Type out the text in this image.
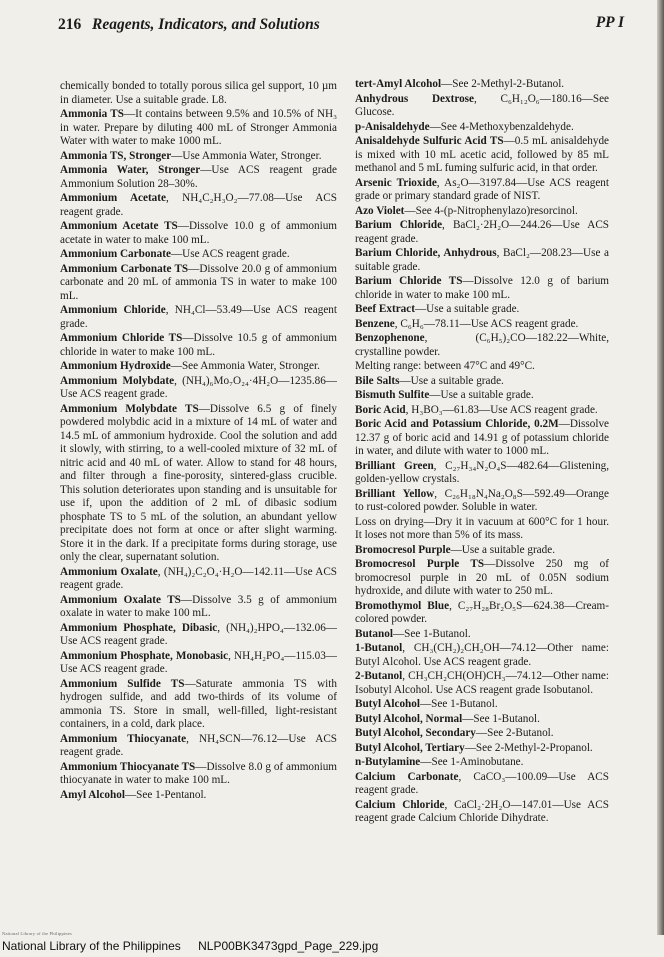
216 Reagents, Indicators, and Solutions	PP I
chemically bonded to totally porous silica gel support, 10 µm in diameter. Use a suitable grade. L8.
Ammonia TS—It contains between 9.5% and 10.5% of NH₃ in water. Prepare by diluting 400 mL of Stronger Ammonia Water with water to make 1000 mL.
Ammonia TS, Stronger—Use Ammonia Water, Stronger.
Ammonia Water, Stronger—Use ACS reagent grade Ammonium Solution 28–30%.
Ammonium Acetate, NH₄C₂H₃O₂—77.08—Use ACS reagent grade.
Ammonium Acetate TS—Dissolve 10.0 g of ammonium acetate in water to make 100 mL.
Ammonium Carbonate—Use ACS reagent grade.
Ammonium Carbonate TS—Dissolve 20.0 g of ammonium carbonate and 20 mL of ammonia TS in water to make 100 mL.
Ammonium Chloride, NH₄Cl—53.49—Use ACS reagent grade.
Ammonium Chloride TS—Dissolve 10.5 g of ammonium chloride in water to make 100 mL.
Ammonium Hydroxide—See Ammonia Water, Stronger.
Ammonium Molybdate, (NH₄)₆Mo₇O₂₄·4H₂O—1235.86—Use ACS reagent grade.
Ammonium Molybdate TS—Dissolve 6.5 g of finely powdered molybdic acid in a mixture of 14 mL of water and 14.5 mL of ammonium hydroxide. Cool the solution and add it slowly, with stirring, to a well-cooled mixture of 32 mL of nitric acid and 40 mL of water. Allow to stand for 48 hours, and filter through a fine-porosity, sintered-glass crucible. This solution deteriorates upon standing and is unsuitable for use if, upon the addition of 2 mL of dibasic sodium phosphate TS to 5 mL of the solution, an abundant yellow precipitate does not form at once or after slight warming. Store it in the dark. If a precipitate forms during storage, use only the clear, supernatant solution.
Ammonium Oxalate, (NH₄)₂C₂O₄·H₂O—142.11—Use ACS reagent grade.
Ammonium Oxalate TS—Dissolve 3.5 g of ammonium oxalate in water to make 100 mL.
Ammonium Phosphate, Dibasic, (NH₄)₂HPO₄—132.06—Use ACS reagent grade.
Ammonium Phosphate, Monobasic, NH₄H₂PO₄—115.03—Use ACS reagent grade.
Ammonium Sulfide TS—Saturate ammonia TS with hydrogen sulfide, and add two-thirds of its volume of ammonia TS. Store in small, well-filled, light-resistant containers, in a cold, dark place.
Ammonium Thiocyanate, NH₄SCN—76.12—Use ACS reagent grade.
Ammonium Thiocyanate TS—Dissolve 8.0 g of ammonium thiocyanate in water to make 100 mL.
Amyl Alcohol—See 1-Pentanol.
tert-Amyl Alcohol—See 2-Methyl-2-Butanol.
Anhydrous Dextrose, C₆H₁₂O₆—180.16—See Glucose.
p-Anisaldehyde—See 4-Methoxybenzaldehyde.
Anisaldehyde Sulfuric Acid TS—0.5 mL anisaldehyde is mixed with 10 mL acetic acid, followed by 85 mL methanol and 5 mL fuming sulfuric acid, in that order.
Arsenic Trioxide, As₂O—3197.84—Use ACS reagent grade or primary standard grade of NIST.
Azo Violet—See 4-(p-Nitrophenylazo)resorcinol.
Barium Chloride, BaCl₂·2H₂O—244.26—Use ACS reagent grade.
Barium Chloride, Anhydrous, BaCl₂—208.23—Use a suitable grade.
Barium Chloride TS—Dissolve 12.0 g of barium chloride in water to make 100 mL.
Beef Extract—Use a suitable grade.
Benzene, C₆H₆—78.11—Use ACS reagent grade.
Benzophenone, (C₆H₅)₂CO—182.22—White, crystalline powder.
Melting range: between 47°C and 49°C.
Bile Salts—Use a suitable grade.
Bismuth Sulfite—Use a suitable grade.
Boric Acid, H₃BO₃—61.83—Use ACS reagent grade.
Boric Acid and Potassium Chloride, 0.2M—Dissolve 12.37 g of boric acid and 14.91 g of potassium chloride in water, and dilute with water to 1000 mL.
Brilliant Green, C₂₇H₃₄N₂O₄S—482.64—Glistening, golden-yellow crystals.
Brilliant Yellow, C₂₆H₁₈N₄Na₂O₈S—592.49—Orange to rust-colored powder. Soluble in water.
Loss on drying—Dry it in vacuum at 600°C for 1 hour. It loses not more than 5% of its mass.
Bromocresol Purple—Use a suitable grade.
Bromocresol Purple TS—Dissolve 250 mg of bromocresol purple in 20 mL of 0.05N sodium hydroxide, and dilute with water to 250 mL.
Bromothymol Blue, C₂₇H₂₈Br₂O₅S—624.38—Cream-colored powder.
Butanol—See 1-Butanol.
1-Butanol, CH₃(CH₂)₂CH₂OH—74.12—Other name: Butyl Alcohol. Use ACS reagent grade.
2-Butanol, CH₃CH₂CH(OH)CH₃—74.12—Other name: Isobutyl Alcohol. Use ACS reagent grade Isobutanol.
Butyl Alcohol—See 1-Butanol.
Butyl Alcohol, Normal—See 1-Butanol.
Butyl Alcohol, Secondary—See 2-Butanol.
Butyl Alcohol, Tertiary—See 2-Methyl-2-Propanol.
n-Butylamine—See 1-Aminobutane.
Calcium Carbonate, CaCO₃—100.09—Use ACS reagent grade.
Calcium Chloride, CaCl₂·2H₂O—147.01—Use ACS reagent grade Calcium Chloride Dihydrate.
National Library of the Philippines
National Library of the Philippines NLP00BK3473gpd_Page_229.jpg
